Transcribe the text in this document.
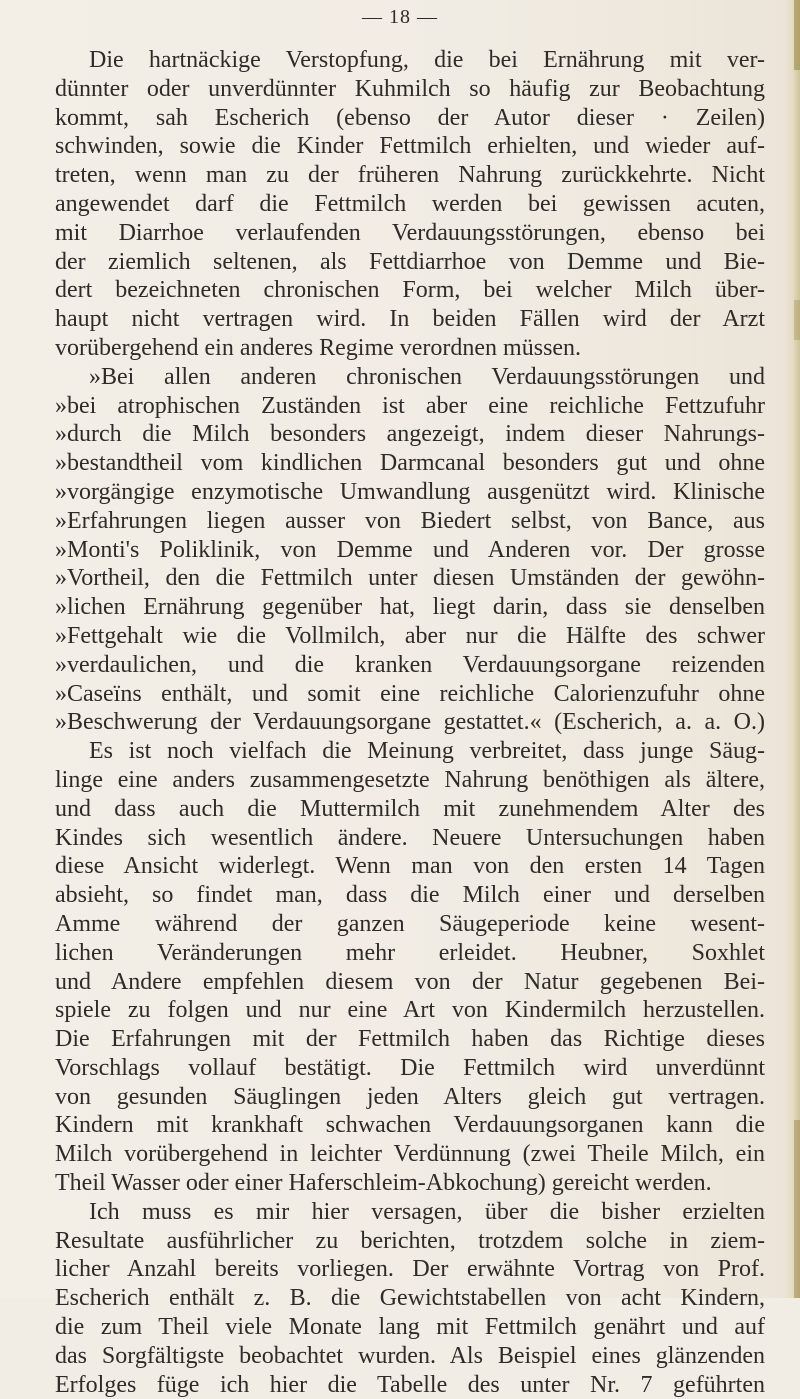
— 18 —
Die hartnäckige Verstopfung, die bei Ernährung mit ver-
dünnter oder unverdünnter Kuhmilch so häufig zur Beobachtung
kommt, sah Escherich (ebenso der Autor dieser · Zeilen)
schwinden, sowie die Kinder Fettmilch erhielten, und wieder auf-
treten, wenn man zu der früheren Nahrung zurückkehrte. Nicht
angewendet darf die Fettmilch werden bei gewissen acuten,
mit Diarrhoe verlaufenden Verdauungsstörungen, ebenso bei
der ziemlich seltenen, als Fettdiarrhoe von Demme und Bie-
dert bezeichneten chronischen Form, bei welcher Milch über-
haupt nicht vertragen wird. In beiden Fällen wird der Arzt
vorübergehend ein anderes Regime verordnen müssen.
»Bei allen anderen chronischen Verdauungsstörungen und
»bei atrophischen Zuständen ist aber eine reichliche Fettzufuhr
»durch die Milch besonders angezeigt, indem dieser Nahrungs-
»bestandtheil vom kindlichen Darmcanal besonders gut und ohne
»vorgängige enzymotische Umwandlung ausgenützt wird. Klinische
»Erfahrungen liegen ausser von Biedert selbst, von Bance, aus
»Monti's Poliklinik, von Demme und Anderen vor. Der grosse
»Vortheil, den die Fettmilch unter diesen Umständen der gewöhn-
»lichen Ernährung gegenüber hat, liegt darin, dass sie denselben
»Fettgehalt wie die Vollmilch, aber nur die Hälfte des schwer
»verdaulichen, und die kranken Verdauungsorgane reizenden
»Caseïns enthält, und somit eine reichliche Calorienzufuhr ohne
»Beschwerung der Verdauungsorgane gestattet.« (Escherich, a. a. O.)
Es ist noch vielfach die Meinung verbreitet, dass junge Säug-
linge eine anders zusammengesetzte Nahrung benöthigen als ältere,
und dass auch die Muttermilch mit zunehmendem Alter des
Kindes sich wesentlich ändere. Neuere Untersuchungen haben
diese Ansicht widerlegt. Wenn man von den ersten 14 Tagen
absieht, so findet man, dass die Milch einer und derselben
Amme während der ganzen Säugeperiode keine wesent-
lichen Veränderungen mehr erleidet. Heubner, Soxhlet
und Andere empfehlen diesem von der Natur gegebenen Bei-
spiele zu folgen und nur eine Art von Kindermilch herzustellen.
Die Erfahrungen mit der Fettmilch haben das Richtige dieses
Vorschlags vollauf bestätigt. Die Fettmilch wird unverdünnt
von gesunden Säuglingen jeden Alters gleich gut vertragen.
Kindern mit krankhaft schwachen Verdauungsorganen kann die
Milch vorübergehend in leichter Verdünnung (zwei Theile Milch, ein
Theil Wasser oder einer Haferschleim-Abkochung) gereicht werden.
Ich muss es mir hier versagen, über die bisher erzielten
Resultate ausführlicher zu berichten, trotzdem solche in ziem-
licher Anzahl bereits vorliegen. Der erwähnte Vortrag von Prof.
Escherich enthält z. B. die Gewichtstabellen von acht Kindern,
die zum Theil viele Monate lang mit Fettmilch genährt und auf
das Sorgfältigste beobachtet wurden. Als Beispiel eines glänzenden
Erfolges füge ich hier die Tabelle des unter Nr. 7 geführten
